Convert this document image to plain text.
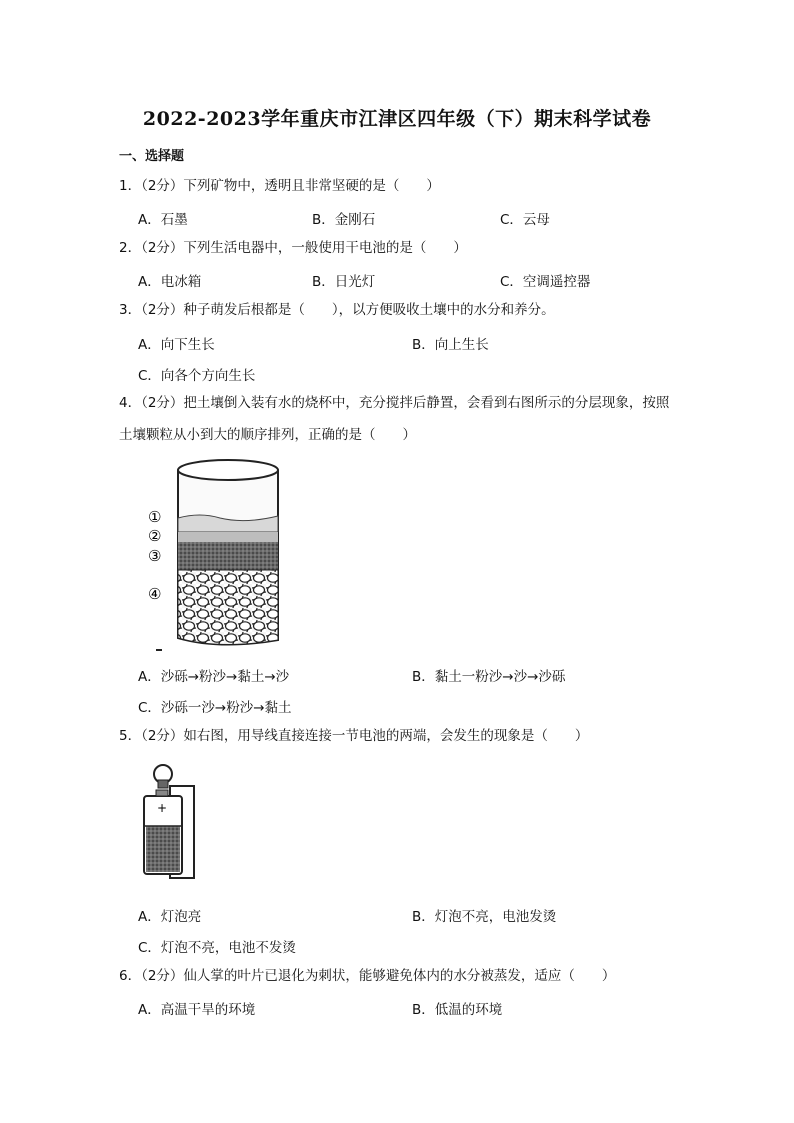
2022-2023学年重庆市江津区四年级（下）期末科学试卷
一、选择题
1．（2分）下列矿物中，透明且非常坚硬的是（　　）
A．石墨	B．金刚石	C．云母
2．（2分）下列生活电器中，一般使用干电池的是（　　）
A．电冰箱	B．日光灯	C．空调遥控器
3．（2分）种子萌发后根都是（　　），以方便吸收土壤中的水分和养分。
A．向下生长	B．向上生长
C．向各个方向生长
4．（2分）把土壤倒入装有水的烧杯中，充分搅拌后静置，会看到右图所示的分层现象，按照土壤颗粒从小到大的顺序排列，正确的是（　　）
①
②
③
④
A．沙砾→粉沙→黏土→沙	B．黏土一粉沙→沙→沙砾
C．沙砾一沙→粉沙→黏土
5．（2分）如右图，用导线直接连接一节电池的两端，会发生的现象是（　　）
+
A．灯泡亮	B．灯泡不亮，电池发烫
C．灯泡不亮，电池不发烫
6．（2分）仙人掌的叶片已退化为刺状，能够避免体内的水分被蒸发，适应（　　）
A．高温干旱的环境	B．低温的环境
